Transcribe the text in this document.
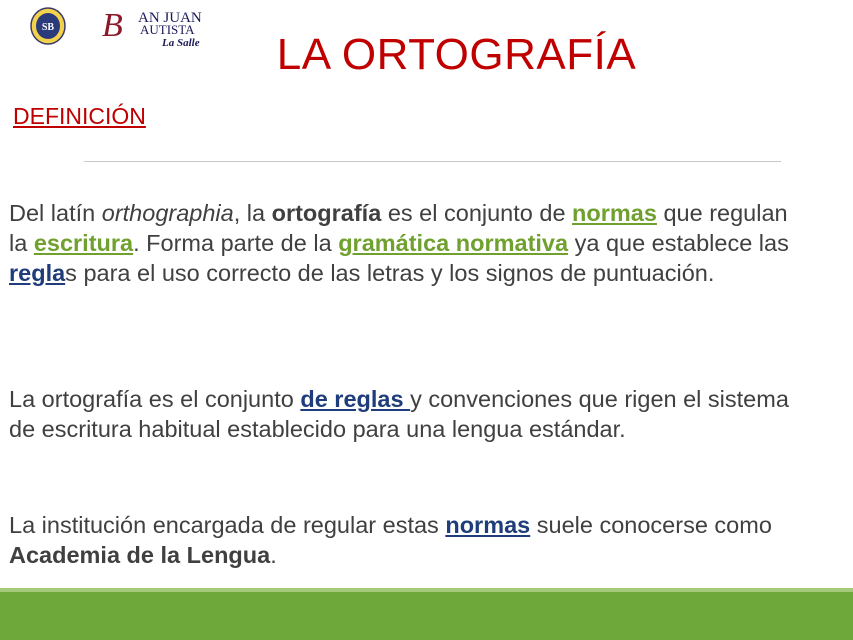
SB B AN JUAN
AUTISTA
La Salle	LA ORTOGRAFÍA
DEFINICIÓN

Del latín orthographia, la ortografía es el conjunto de normas que regulan la escritura. Forma parte de la gramática normativa ya que establece las reglas para el uso correcto de las letras y los signos de puntuación.

La ortografía es el conjunto de reglas y convenciones que rigen el sistema de escritura habitual establecido para una lengua estándar.

La institución encargada de regular estas normas suele conocerse como Academia de la Lengua.
